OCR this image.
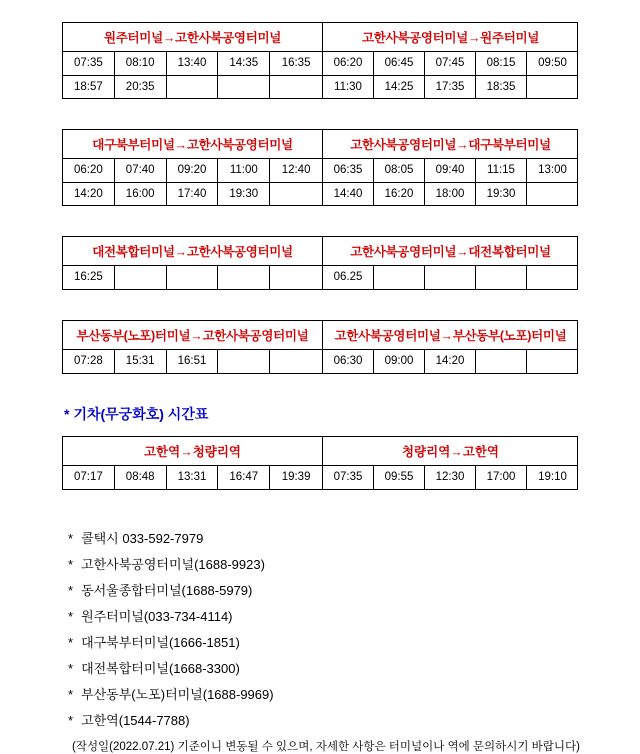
원주터미널→고한사북공영터미널
07:35	08:10	13:40	14:35	16:35
18:57	20:35
고한사북공영터미널→원주터미널
06:20	06:45	07:45	08:15	09:50
11:30	14:25	17:35	18:35
대구북부터미널→고한사북공영터미널
06:20	07:40	09:20	11:00	12:40
14:20	16:00	17:40	19:30
고한사북공영터미널→대구북부터미널
06:35	08:05	09:40	11:15	13:00
14:40	16:20	18:00	19:30
대전복합터미널→고한사북공영터미널
16:25
고한사북공영터미널→대전복합터미널
06.25
부산동부(노포)터미널→고한사북공영터미널
07:28	15:31	16:51
고한사북공영터미널→부산동부(노포)터미널
06:30	09:00	14:20
* 기차(무궁화호) 시간표
고한역→청량리역
07:17	08:48	13:31	16:47	19:39
청량리역→고한역
07:35	09:55	12:30	17:00	19:10
* 콜택시 033-592-7979
* 고한사북공영터미널(1688-9923)
* 동서울종합터미널(1688-5979)
* 원주터미널(033-734-4114)
* 대구북부터미널(1666-1851)
* 대전복합터미널(1668-3300)
* 부산동부(노포)터미널(1688-9969)
* 고한역(1544-7788)
(작성일(2022.07.21) 기준이니 변동될 수 있으며, 자세한 사항은 터미널이나 역에 문의하시기 바랍니다)
